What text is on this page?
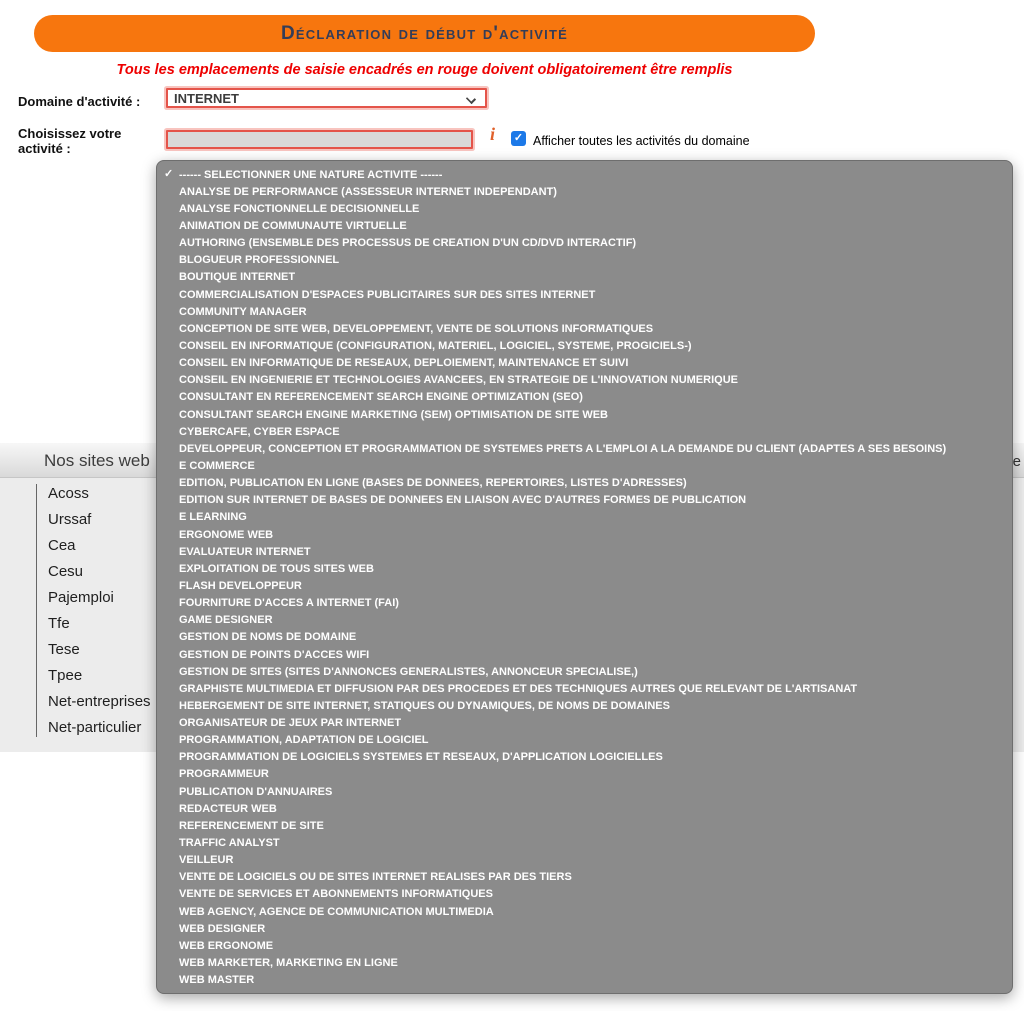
Déclaration de début d'activité
Tous les emplacements de saisie encadrés en rouge doivent obligatoirement être remplis
Domaine d'activité :	INTERNET
Choisissez votre activité :
i ✓ Afficher toutes les activités du domaine
Nos sites web	e
Acoss
Urssaf
Cea
Cesu
Pajemploi
Tfe
Tese
Tpee
Net-entreprises
Net-particulier
✓ ------ SELECTIONNER UNE NATURE ACTIVITE ------
ANALYSE DE PERFORMANCE (ASSESSEUR INTERNET INDEPENDANT)
ANALYSE FONCTIONNELLE DECISIONNELLE
ANIMATION DE COMMUNAUTE VIRTUELLE
AUTHORING (ENSEMBLE DES PROCESSUS DE CREATION D'UN CD/DVD INTERACTIF)
BLOGUEUR PROFESSIONNEL
BOUTIQUE INTERNET
COMMERCIALISATION D'ESPACES PUBLICITAIRES SUR DES SITES INTERNET
COMMUNITY MANAGER
CONCEPTION DE SITE WEB, DEVELOPPEMENT, VENTE DE SOLUTIONS INFORMATIQUES
CONSEIL EN INFORMATIQUE (CONFIGURATION, MATERIEL, LOGICIEL, SYSTEME, PROGICIELS-)
CONSEIL EN INFORMATIQUE DE RESEAUX, DEPLOIEMENT, MAINTENANCE ET SUIVI
CONSEIL EN INGENIERIE ET TECHNOLOGIES AVANCEES, EN STRATEGIE DE L'INNOVATION NUMERIQUE
CONSULTANT EN REFERENCEMENT SEARCH ENGINE OPTIMIZATION (SEO)
CONSULTANT SEARCH ENGINE MARKETING (SEM) OPTIMISATION DE SITE WEB
CYBERCAFE, CYBER ESPACE
DEVELOPPEUR, CONCEPTION ET PROGRAMMATION DE SYSTEMES PRETS A L'EMPLOI A LA DEMANDE DU CLIENT (ADAPTES A SES BESOINS)
E COMMERCE
EDITION, PUBLICATION EN LIGNE (BASES DE DONNEES, REPERTOIRES, LISTES D'ADRESSES)
EDITION SUR INTERNET DE BASES DE DONNEES EN LIAISON AVEC D'AUTRES FORMES DE PUBLICATION
E LEARNING
ERGONOME WEB
EVALUATEUR INTERNET
EXPLOITATION DE TOUS SITES WEB
FLASH DEVELOPPEUR
FOURNITURE D'ACCES A INTERNET (FAI)
GAME DESIGNER
GESTION DE NOMS DE DOMAINE
GESTION DE POINTS D'ACCES WIFI
GESTION DE SITES (SITES D'ANNONCES GENERALISTES, ANNONCEUR SPECIALISE,)
GRAPHISTE MULTIMEDIA ET DIFFUSION PAR DES PROCEDES ET DES TECHNIQUES AUTRES QUE RELEVANT DE L'ARTISANAT
HEBERGEMENT DE SITE INTERNET, STATIQUES OU DYNAMIQUES, DE NOMS DE DOMAINES
ORGANISATEUR DE JEUX PAR INTERNET
PROGRAMMATION, ADAPTATION DE LOGICIEL
PROGRAMMATION DE LOGICIELS SYSTEMES ET RESEAUX, D'APPLICATION LOGICIELLES
PROGRAMMEUR
PUBLICATION D'ANNUAIRES
REDACTEUR WEB
REFERENCEMENT DE SITE
TRAFFIC ANALYST
VEILLEUR
VENTE DE LOGICIELS OU DE SITES INTERNET REALISES PAR DES TIERS
VENTE DE SERVICES ET ABONNEMENTS INFORMATIQUES
WEB AGENCY, AGENCE DE COMMUNICATION MULTIMEDIA
WEB DESIGNER
WEB ERGONOME
WEB MARKETER, MARKETING EN LIGNE
WEB MASTER
